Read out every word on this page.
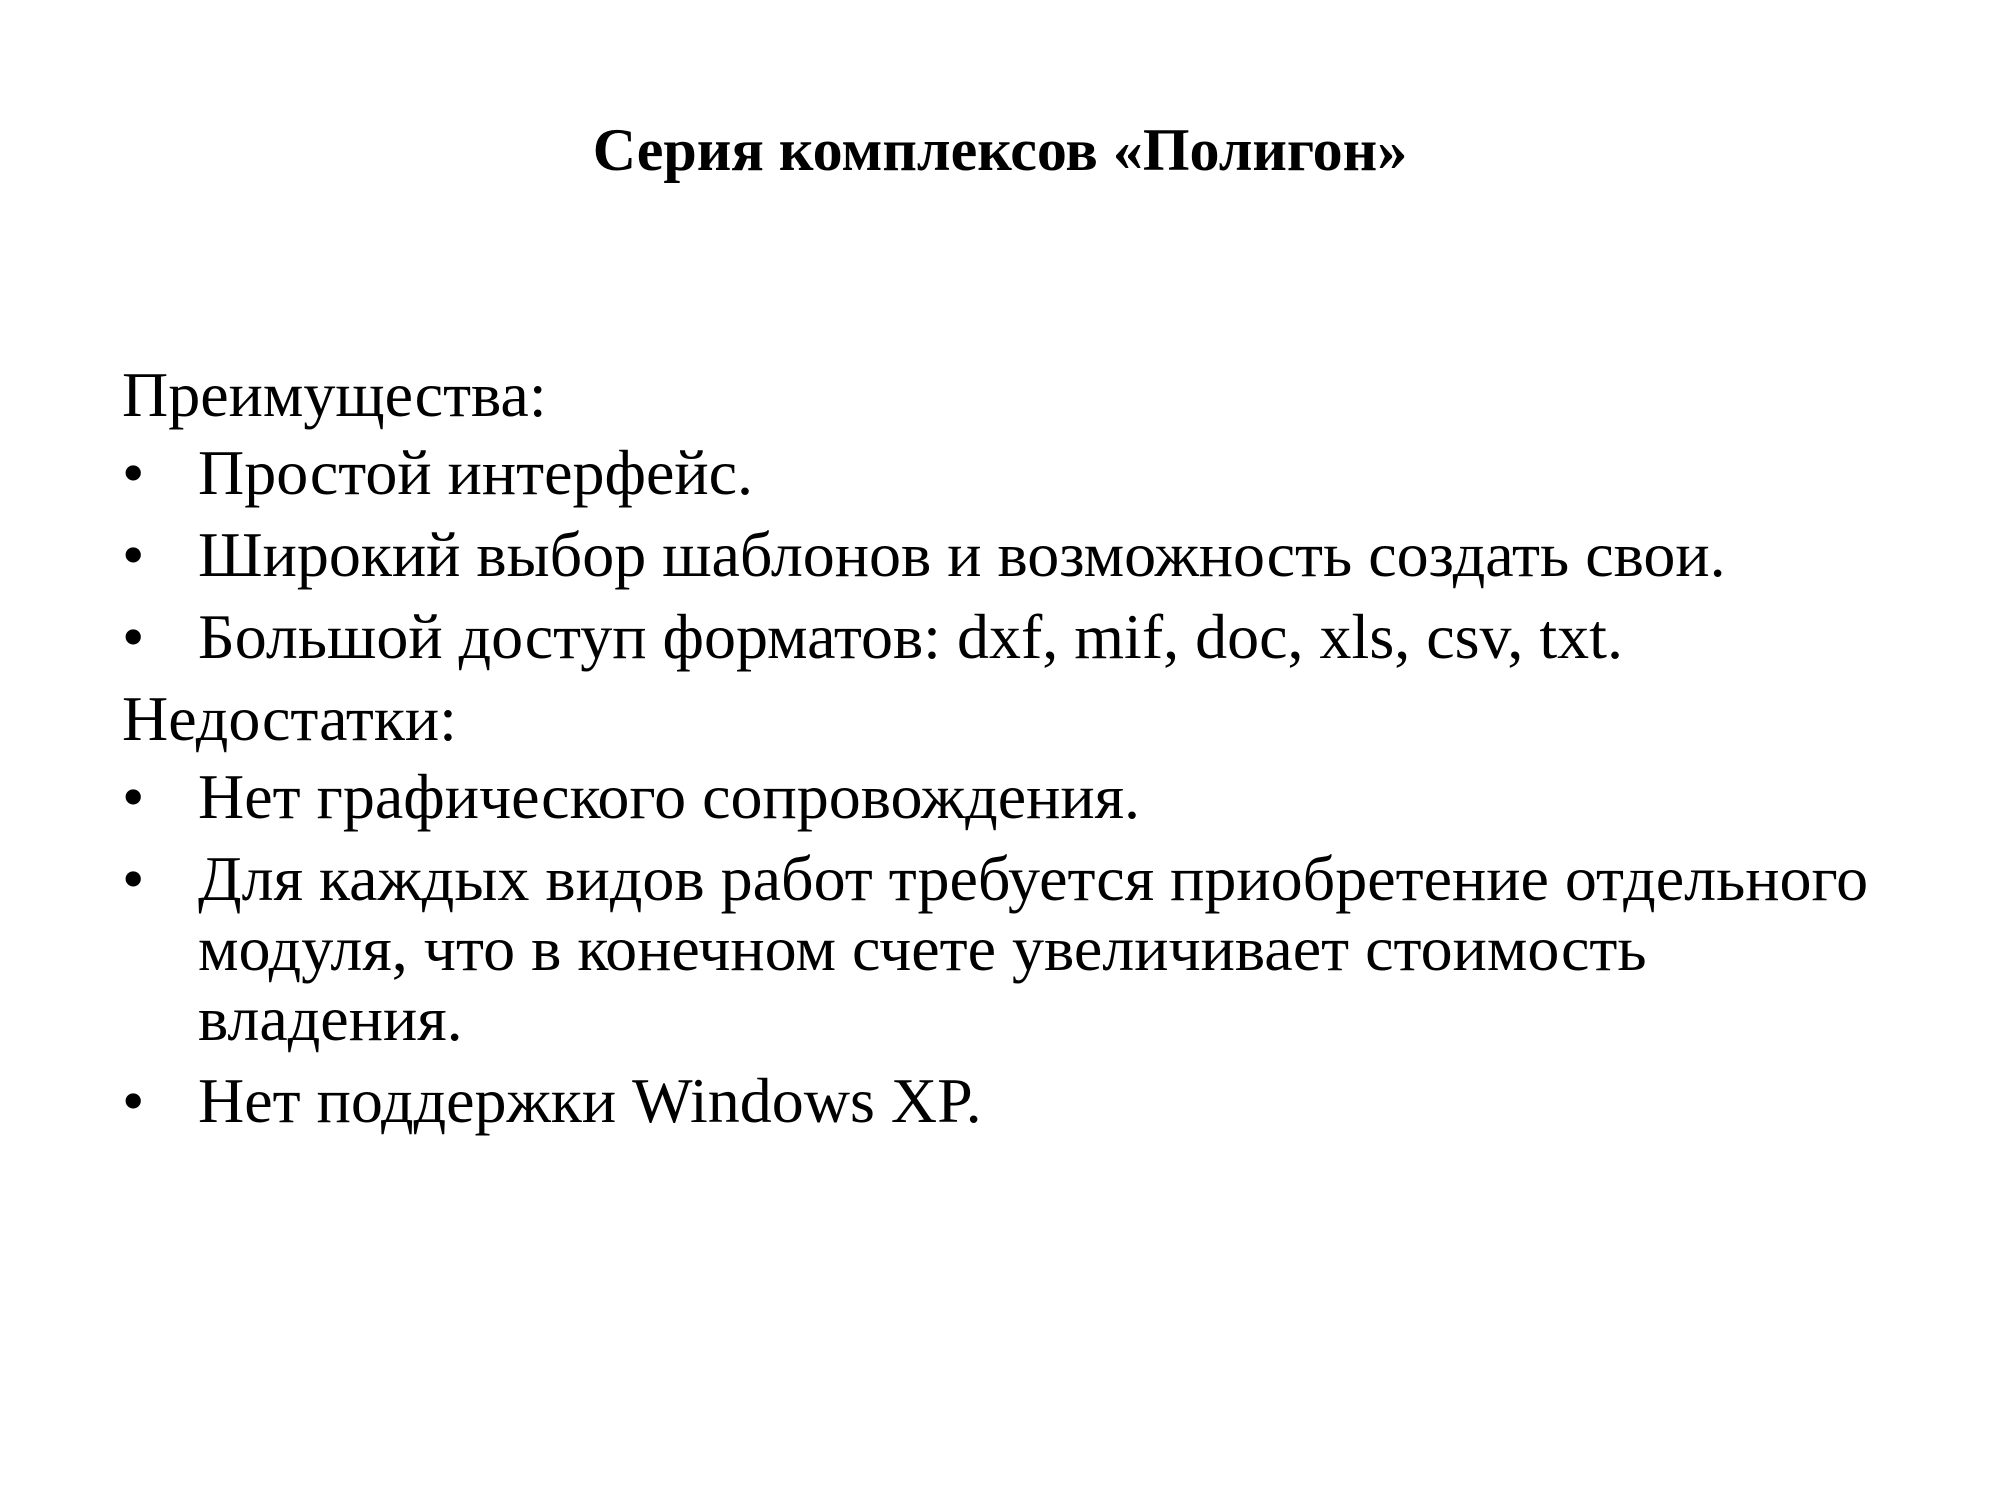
Серия комплексов «Полигон»
Преимущества:
• Простой интерфейс.
• Широкий выбор шаблонов и возможность создать свои.
• Большой доступ форматов: dxf, mif, doc, xls, csv, txt.
Недостатки:
• Нет графического сопровождения.
• Для каждых видов работ требуется приобретение отдельного модуля, что в конечном счете увеличивает стоимость владения.
• Нет поддержки Windows XP.
